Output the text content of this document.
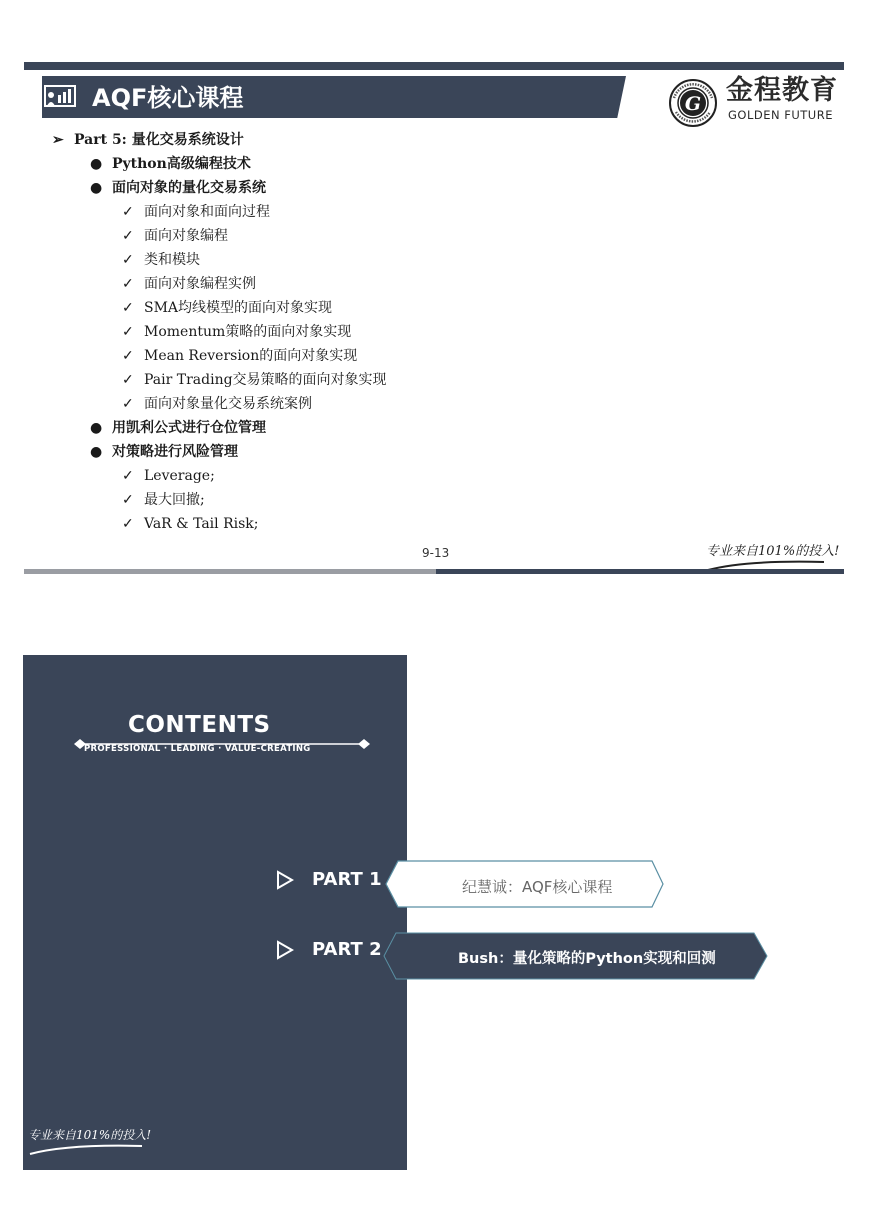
AQF核心课程	G 金程教育
GOLDEN FUTURE
➢ Part 5: 量化交易系统设计
● Python高级编程技术
● 面向对象的量化交易系统
✓ 面向对象和面向过程
✓ 面向对象编程
✓ 类和模块
✓ 面向对象编程实例
✓ SMA均线模型的面向对象实现
✓ Momentum策略的面向对象实现
✓ Mean Reversion的面向对象实现
✓ Pair Trading交易策略的面向对象实现
✓ 面向对象量化交易系统案例
● 用凯利公式进行仓位管理
● 对策略进行风险管理
✓ Leverage;
✓ 最大回撤;
✓ VaR & Tail Risk;
9-13	专业来自101%的投入!
CONTENTS
PROFESSIONAL · LEADING · VALUE-CREATING
PART 1
PART 2
纪慧诚：AQF核心课程
Bush：量化策略的Python实现和回测
专业来自101%的投入!
